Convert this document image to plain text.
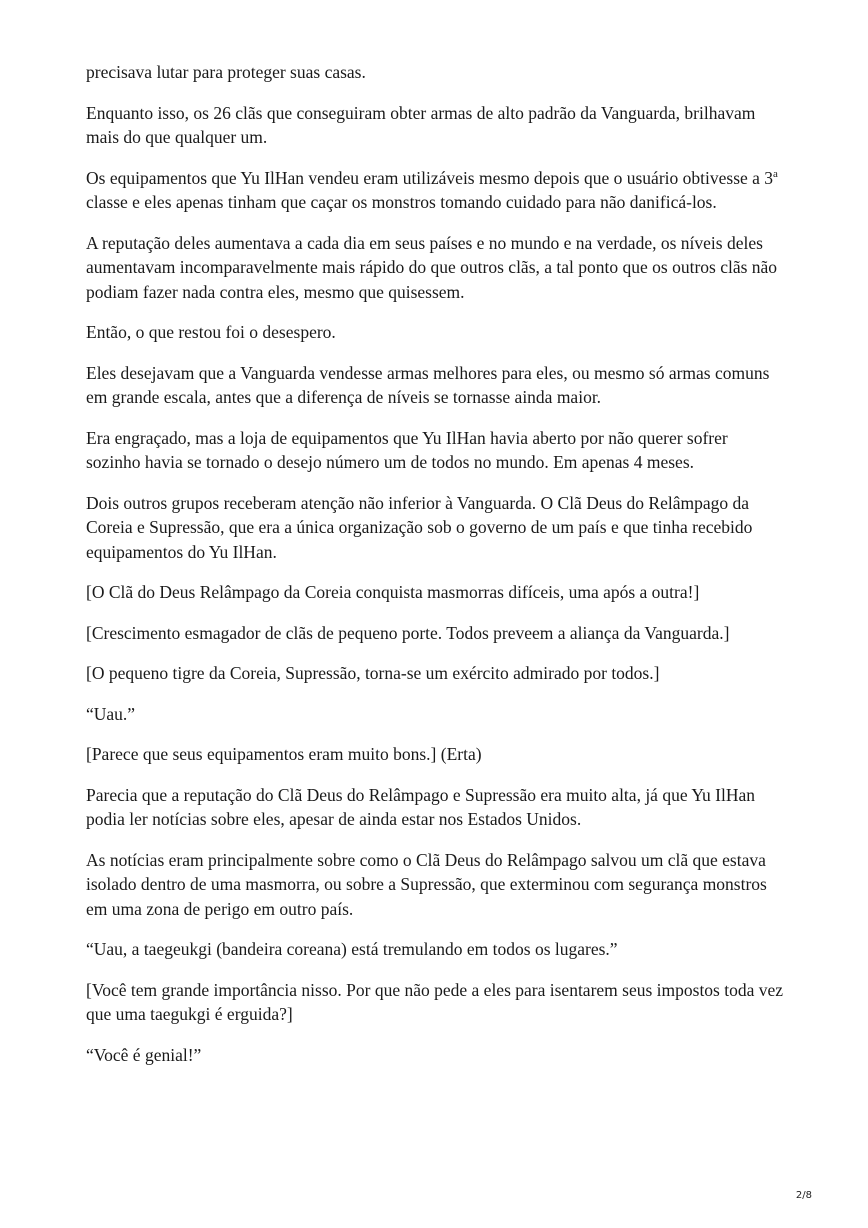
precisava lutar para proteger suas casas.

Enquanto isso, os 26 clãs que conseguiram obter armas de alto padrão da Vanguarda, brilhavam mais do que qualquer um.

Os equipamentos que Yu IlHan vendeu eram utilizáveis mesmo depois que o usuário obtivesse a 3$^a$ classe e eles apenas tinham que caçar os monstros tomando cuidado para não danificá-los.

A reputação deles aumentava a cada dia em seus países e no mundo e na verdade, os níveis deles aumentavam incomparavelmente mais rápido do que outros clãs, a tal ponto que os outros clãs não podiam fazer nada contra eles, mesmo que quisessem.

Então, o que restou foi o desespero.

Eles desejavam que a Vanguarda vendesse armas melhores para eles, ou mesmo só armas comuns em grande escala, antes que a diferença de níveis se tornasse ainda maior.

Era engraçado, mas a loja de equipamentos que Yu IlHan havia aberto por não querer sofrer sozinho havia se tornado o desejo número um de todos no mundo. Em apenas 4 meses.

Dois outros grupos receberam atenção não inferior à Vanguarda. O Clã Deus do Relâmpago da Coreia e Supressão, que era a única organização sob o governo de um país e que tinha recebido equipamentos do Yu IlHan.

[O Clã do Deus Relâmpago da Coreia conquista masmorras difíceis, uma após a outra!]

[Crescimento esmagador de clãs de pequeno porte. Todos preveem a aliança da Vanguarda.]

[O pequeno tigre da Coreia, Supressão, torna-se um exército admirado por todos.]

“Uau.”

[Parece que seus equipamentos eram muito bons.] (Erta)

Parecia que a reputação do Clã Deus do Relâmpago e Supressão era muito alta, já que Yu IlHan podia ler notícias sobre eles, apesar de ainda estar nos Estados Unidos.

As notícias eram principalmente sobre como o Clã Deus do Relâmpago salvou um clã que estava isolado dentro de uma masmorra, ou sobre a Supressão, que exterminou com segurança monstros em uma zona de perigo em outro país.

“Uau, a taegeukgi (bandeira coreana) está tremulando em todos os lugares.”

[Você tem grande importância nisso. Por que não pede a eles para isentarem seus impostos toda vez que uma taegukgi é erguida?]

“Você é genial!”

2/8
